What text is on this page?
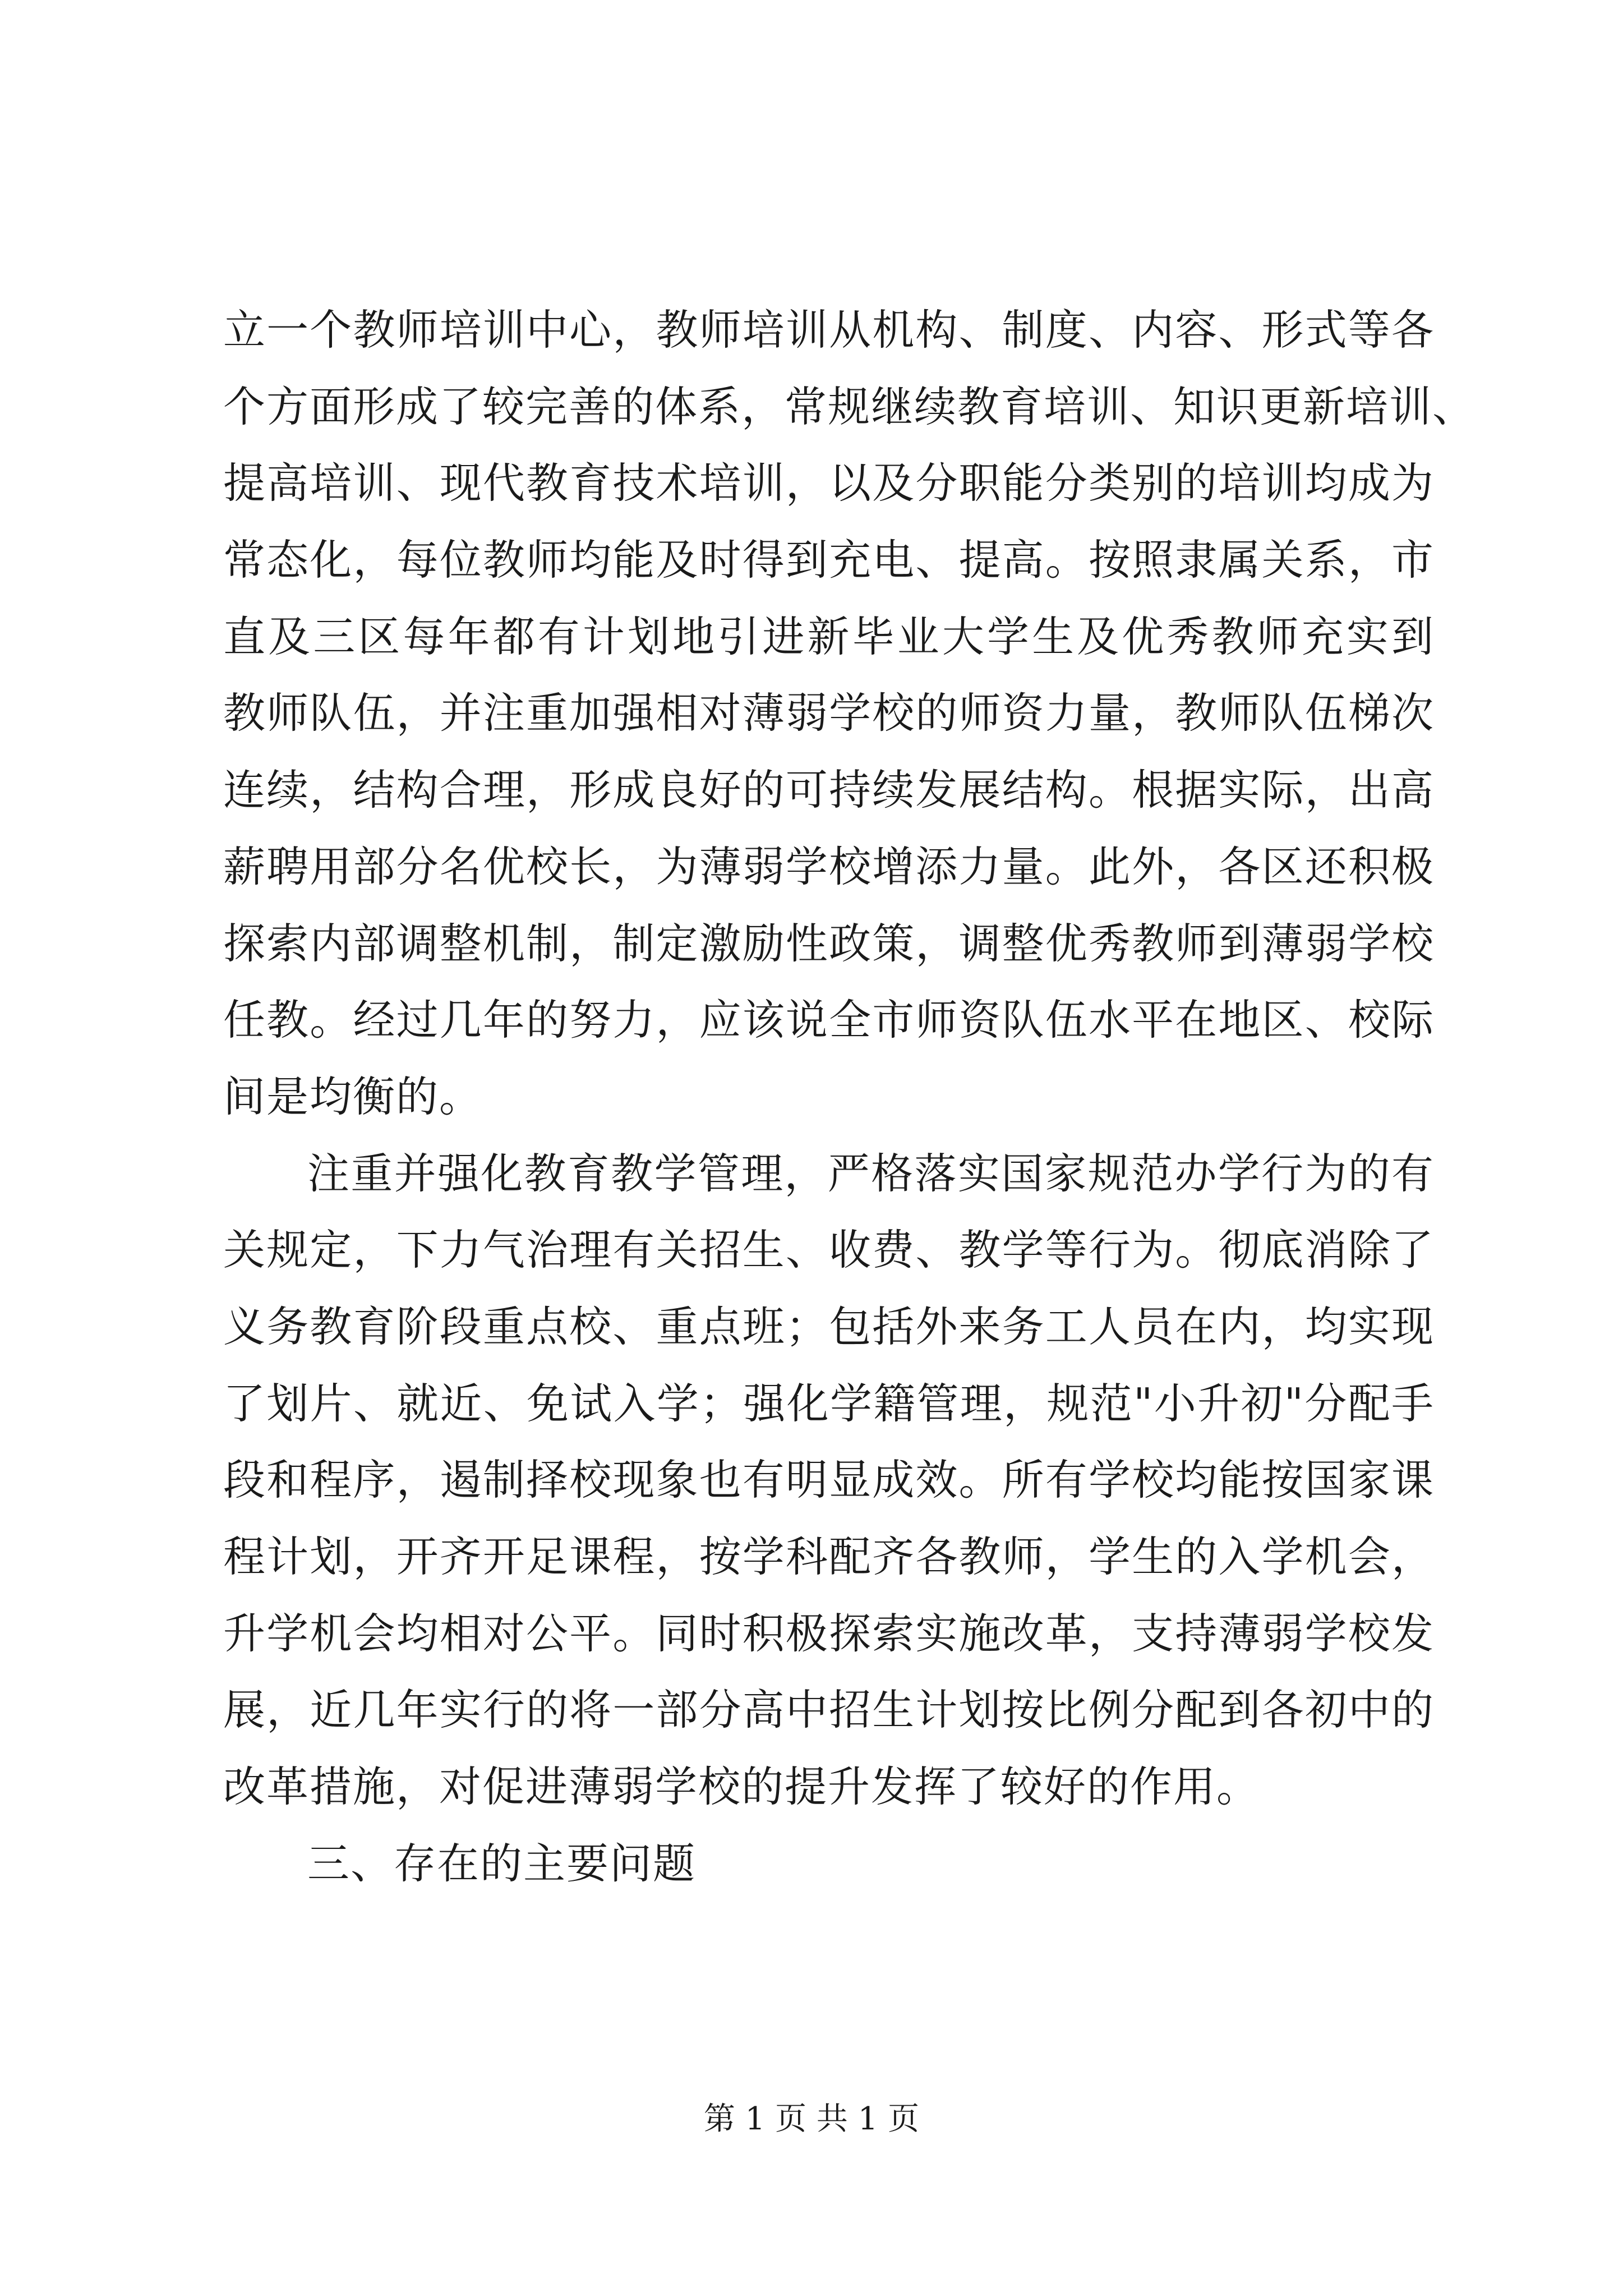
立一个教师培训中心，教师培训从机构、制度、内容、形式等各
个方面形成了较完善的体系，常规继续教育培训、知识更新培训、
提高培训、现代教育技术培训，以及分职能分类别的培训均成为
常态化，每位教师均能及时得到充电、提高。按照隶属关系，市
直及三区每年都有计划地引进新毕业大学生及优秀教师充实到
教师队伍，并注重加强相对薄弱学校的师资力量，教师队伍梯次
连续，结构合理，形成良好的可持续发展结构。根据实际，出高
薪聘用部分名优校长，为薄弱学校增添力量。此外，各区还积极
探索内部调整机制，制定激励性政策，调整优秀教师到薄弱学校
任教。经过几年的努力，应该说全市师资队伍水平在地区、校际
间是均衡的。
注重并强化教育教学管理，严格落实国家规范办学行为的有
关规定，下力气治理有关招生、收费、教学等行为。彻底消除了
义务教育阶段重点校、重点班；包括外来务工人员在内，均实现
了划片、就近、免试入学；强化学籍管理，规范"小升初"分配手
段和程序，遏制择校现象也有明显成效。所有学校均能按国家课
程计划，开齐开足课程，按学科配齐各教师，学生的入学机会，
升学机会均相对公平。同时积极探索实施改革，支持薄弱学校发
展，近几年实行的将一部分高中招生计划按比例分配到各初中的
改革措施，对促进薄弱学校的提升发挥了较好的作用。
三、存在的主要问题
第 1 页 共 1 页
